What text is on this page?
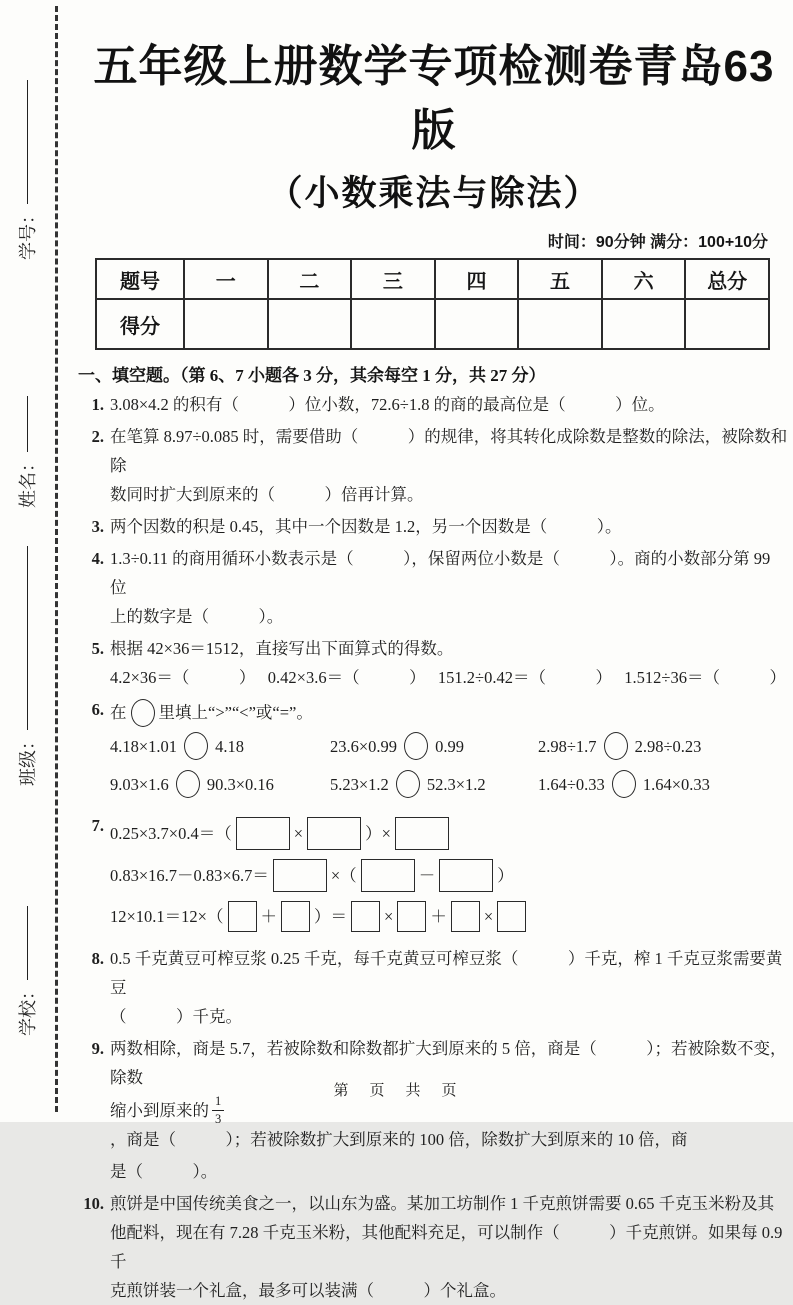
学号：
姓名：
班级：
学校：
五年级上册数学专项检测卷青岛63版
（小数乘法与除法）
时间：90分钟 满分：100+10分
题号	一	二	三	四	五	六	总分
得分							
一、填空题。（第 6、7 小题各 3 分，其余每空 1 分，共 27 分）
1. 3.08×4.2 的积有（　　　）位小数，72.6÷1.8 的商的最高位是（　　　）位。
2. 在笔算 8.97÷0.085 时，需要借助（　　　）的规律，将其转化成除数是整数的除法，被除数和除
数同时扩大到原来的（　　　）倍再计算。
3. 两个因数的积是 0.45，其中一个因数是 1.2，另一个因数是（　　　）。
4. 1.3÷0.11 的商用循环小数表示是（　　　），保留两位小数是（　　　）。商的小数部分第 99 位
上的数字是（　　　）。
5. 根据 42×36＝1512，直接写出下面算式的得数。
4.2×36＝（　　　） 0.42×3.6＝（　　　） 151.2÷0.42＝（　　　） 1.512÷36＝（　　　）
6. 在 里填上“>”“<”或“=”。
4.18×1.01 4.18	23.6×0.99 0.99	2.98÷1.7 2.98÷0.23
9.03×1.6 90.3×0.16	5.23×1.2 52.3×1.2	1.64÷0.33 1.64×0.33
7. 0.25×3.7×0.4＝（	×	）×
0.83×16.7－0.83×6.7＝	×（	－	）
12×10.1＝12×（ ＋ ）＝ × ＋ ×
8. 0.5 千克黄豆可榨豆浆 0.25 千克，每千克黄豆可榨豆浆（　　　）千克，榨 1 千克豆浆需要黄豆
（　　　）千克。
9. 两数相除，商是 5.7，若被除数和除数都扩大到原来的 5 倍，商是（　　　）；若被除数不变，除数
缩小到原来的 $\frac{1}{3}$
，商是（　　　）；若被除数扩大到原来的 100 倍，除数扩大到原来的 10 倍，商
是（　　　）。
10. 煎饼是中国传统美食之一，以山东为盛。某加工坊制作 1 千克煎饼需要 0.65 千克玉米粉及其
他配料，现在有 7.28 千克玉米粉，其他配料充足，可以制作（　　　）千克煎饼。如果每 0.9 千
克煎饼装一个礼盒，最多可以装满（　　　）个礼盒。
第　页　共　页
